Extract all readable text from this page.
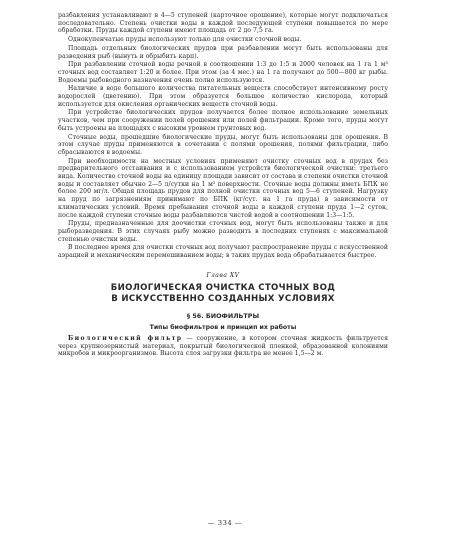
разбавления устанавливают в 4—5 ступеней (карточное орошение), которые могут подключаться последовательно. Степень очистки воды в каждой последующей ступени повышается по мере обработки. Пруды каждой ступени имеют площадь от 2 до 7,5 га.

Однокупенчатые пруды используют только для очистки сточной воды.

Площадь отдельных биологических прудов при разбавлении могут быть использованы для разведения рыб (вынуть и обрыбить карп).

При разбавлении сточной воды речной в соотношении 1:3 до 1:5 и 2000 человек на 1 га 1 м³ сточных вод составляет 1:20 и более. При этом (за 4 мес.) на 1 га получают до 500—800 кг рыбы. Водоемы рыбоводного назначения очень полно используются.

Наличие в воде большого количества питательных веществ способствует интенсивному росту водорослей (цветению). При этом образуется большое количество кислорода, который используется для окисления органических веществ сточной воды.

При устройстве биологических прудов получается более полное использование земельных участков, чем при сооружении полей орошения или полей фильтрации. Кроме того, пруды могут быть устроены на площадях с высоким уровнем грунтовых вод.

Сточные воды, прошедшие биологические пруды, могут быть использованы для орошения. В этом случае пруды применяются в сочетании с полями орошения, полями фильтрации, либо сбрасываются в водоемы.

При необходимости на местных условиях применяют очистку сточных вод в прудах без предварительного отстаивания и с использованием устройств биологической очистки: третьего вида. Количество сточной воды на единицу площади зависит от состава и степени очистки сточной воды и составляет обычно 2—5 л/сутки на 1 м² поверхности. Сточные воды должны иметь БПК не более 200 мг/л. Общая площадь прудов для полной очистки сточных вод 5—6 ступеней. Нагрузку на пруд по загрязнениям принимают по БПК (кг/сут. на 1 га пруда) в зависимости от климатических условий. Время пребывания сточной воды в каждой ступени пруда 1—2 суток, после каждой ступени сточные воды разбавляются чистой водой в соотношении 1:3—1:5.

Пруды, предназначенные для доочистки сточных вод, могут быть использованы также и для рыборазведения. В этих случаях рыбу можно разводить в последних ступенях с максимальной степенью очистки воды.

В последнее время для очистки сточных вод получают распространение пруды с искусственной аэрацией и механическим перемешиванием воды; в таких прудах вода обрабатывается быстрее.

Глава XV
БИОЛОГИЧЕСКАЯ ОЧИСТКА СТОЧНЫХ ВОД
В ИСКУССТВЕННО СОЗДАННЫХ УСЛОВИЯХ
§ 56. БИОФИЛЬТРЫ
Типы биофильтров и принцип их работы

Биологический фильтр — сооружение, в котором сточная жидкость фильтруется через крупнозернистый материал, покрытый биологической пленкой, образованной колониями микробов и микроорганизмов. Высота слоя загрузки фильтра не менее 1,5—2 м.

— 334 —
